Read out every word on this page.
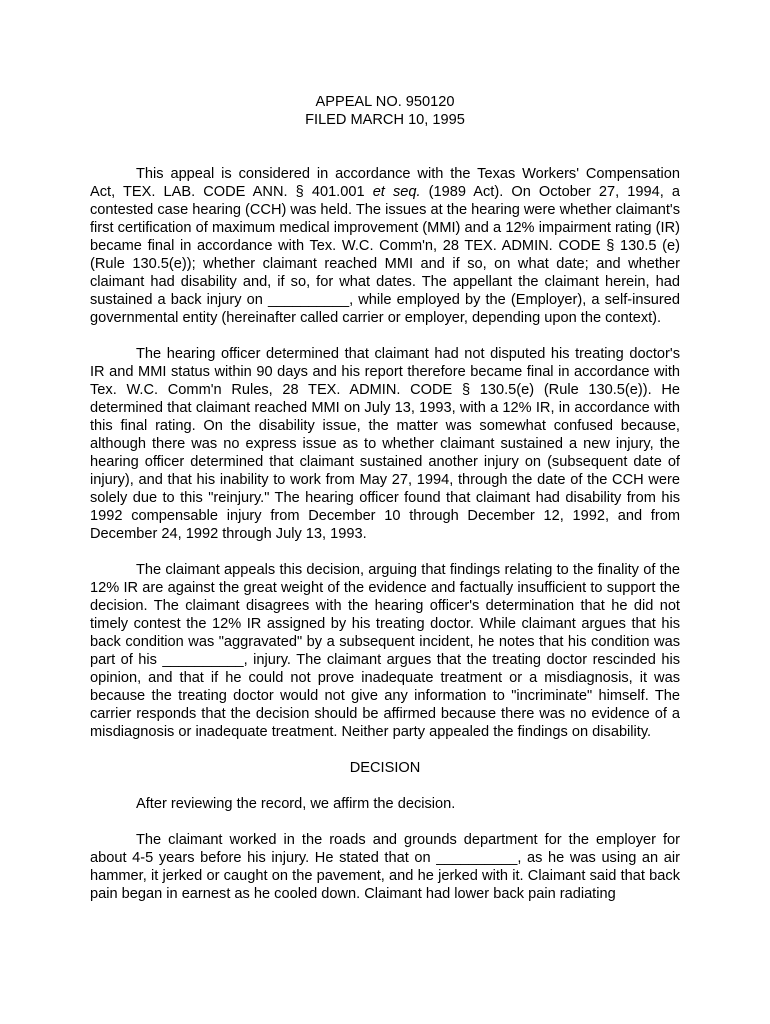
APPEAL NO. 950120

FILED MARCH 10, 1995

This appeal is considered in accordance with the Texas Workers' Compensation Act, TEX. LAB. CODE ANN. § 401.001 et seq. (1989 Act). On October 27, 1994, a contested case hearing (CCH) was held. The issues at the hearing were whether claimant's first certification of maximum medical improvement (MMI) and a 12% impairment rating (IR) became final in accordance with Tex. W.C. Comm'n, 28 TEX. ADMIN. CODE § 130.5 (e) (Rule 130.5(e)); whether claimant reached MMI and if so, on what date; and whether claimant had disability and, if so, for what dates. The appellant the claimant herein, had sustained a back injury on __________, while employed by the (Employer), a self-insured governmental entity (hereinafter called carrier or employer, depending upon the context).

The hearing officer determined that claimant had not disputed his treating doctor's IR and MMI status within 90 days and his report therefore became final in accordance with Tex. W.C. Comm'n Rules, 28 TEX. ADMIN. CODE § 130.5(e) (Rule 130.5(e)). He determined that claimant reached MMI on July 13, 1993, with a 12% IR, in accordance with this final rating. On the disability issue, the matter was somewhat confused because, although there was no express issue as to whether claimant sustained a new injury, the hearing officer determined that claimant sustained another injury on (subsequent date of injury), and that his inability to work from May 27, 1994, through the date of the CCH were solely due to this "reinjury." The hearing officer found that claimant had disability from his 1992 compensable injury from December 10 through December 12, 1992, and from December 24, 1992 through July 13, 1993.

The claimant appeals this decision, arguing that findings relating to the finality of the 12% IR are against the great weight of the evidence and factually insufficient to support the decision. The claimant disagrees with the hearing officer's determination that he did not timely contest the 12% IR assigned by his treating doctor. While claimant argues that his back condition was "aggravated" by a subsequent incident, he notes that his condition was part of his __________, injury. The claimant argues that the treating doctor rescinded his opinion, and that if he could not prove inadequate treatment or a misdiagnosis, it was because the treating doctor would not give any information to "incriminate" himself. The carrier responds that the decision should be affirmed because there was no evidence of a misdiagnosis or inadequate treatment. Neither party appealed the findings on disability.

DECISION

After reviewing the record, we affirm the decision.

The claimant worked in the roads and grounds department for the employer for about 4-5 years before his injury. He stated that on __________, as he was using an air hammer, it jerked or caught on the pavement, and he jerked with it. Claimant said that back pain began in earnest as he cooled down. Claimant had lower back pain radiating
